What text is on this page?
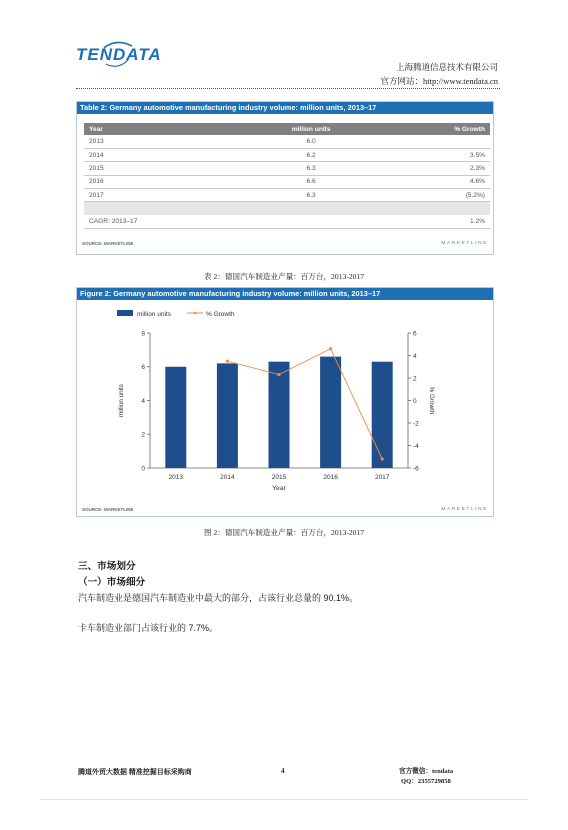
TENDATA
上海腾道信息技术有限公司
官方网站：http://www.tendata.cn
Table 2: Germany automotive manufacturing industry volume: million units, 2013–17
Year	million units	% Growth
2013	6.0	
2014	6.2	3.5%
2015	6.3	2.3%
2016	6.6	4.6%
2017	6.3	(5.2%)

CAGR: 2013–17		1.2%
SOURCE: MARKETLINE	MARKETLINE
表 2：德国汽车制造业产量：百万台，2013-2017
Figure 2: Germany automotive manufacturing industry volume: million units, 2013–17
million units	% Growth
0
2
4
6
8
-6
-4
-2
0
2
4
6
2013	2014	2015	2016	2017
Year
million units	% Growth
SOURCE: MARKETLINE	MARKETLINE
图 2：德国汽车制造业产量：百万台，2013-2017
三、市场划分
（一）市场细分
汽车制造业是德国汽车制造业中最大的部分，占该行业总量的 90.1%。
卡车制造业部门占该行业的 7.7%。
腾道外贸大数据 精准挖掘目标采购商	4	官方微信：tendata
QQ：2355729858
